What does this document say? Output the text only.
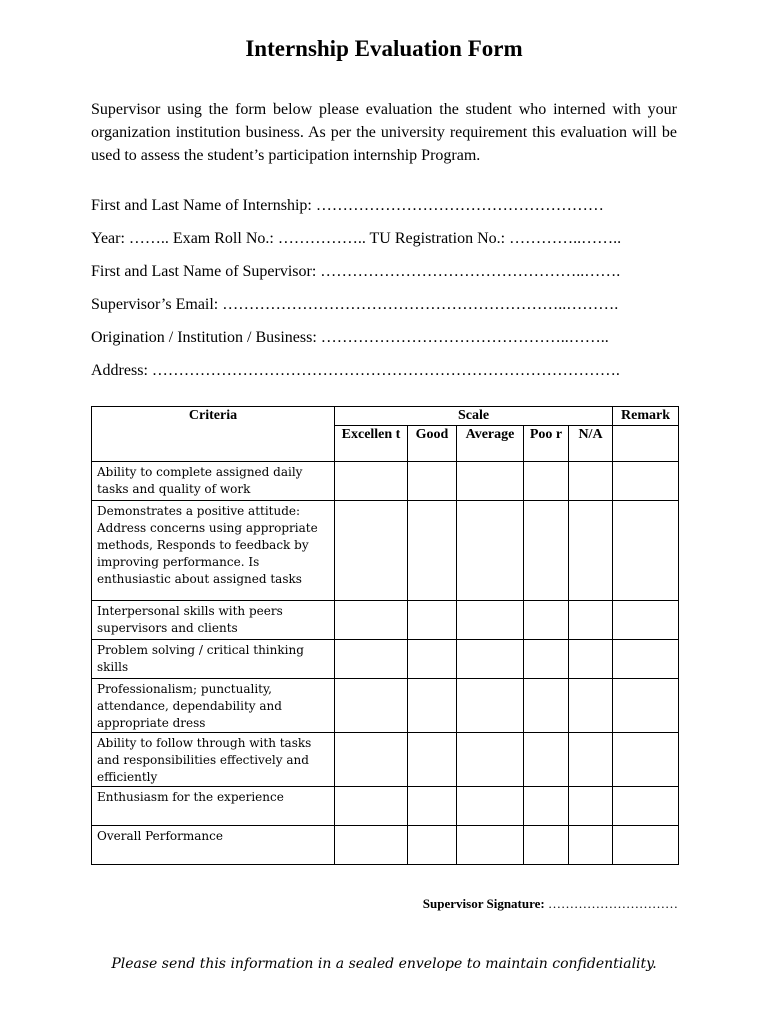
Internship Evaluation Form
Supervisor using the form below please evaluation the student who interned with your organization institution business. As per the university requirement this evaluation will be used to assess the student’s participation internship Program.
First and Last Name of Internship: ………………………………………………
Year: …….. Exam Roll No.: …………….. TU Registration No.: …………..……..
First and Last Name of Supervisor: …………………………………………..…….
Supervisor’s Email: ………………………………………………………..……….
Origination / Institution / Business: ………………………………………..……..
Address: …………………………………………………………………………….
Criteria	Scale					Remark
	Excellen t	Good	Average	Poo r	N/A	
Ability to complete assigned daily tasks and quality of work						
Demonstrates a positive attitude: Address concerns using appropriate methods, Responds to feedback by improving performance. Is enthusiastic about assigned tasks						
Interpersonal skills with peers supervisors and clients						
Problem solving / critical thinking skills						
Professionalism; punctuality, attendance, dependability and appropriate dress						
Ability to follow through with tasks and responsibilities effectively and efficiently						
Enthusiasm for the experience						
Overall Performance						
Supervisor Signature: …………………………
Please send this information in a sealed envelope to maintain confidentiality.
